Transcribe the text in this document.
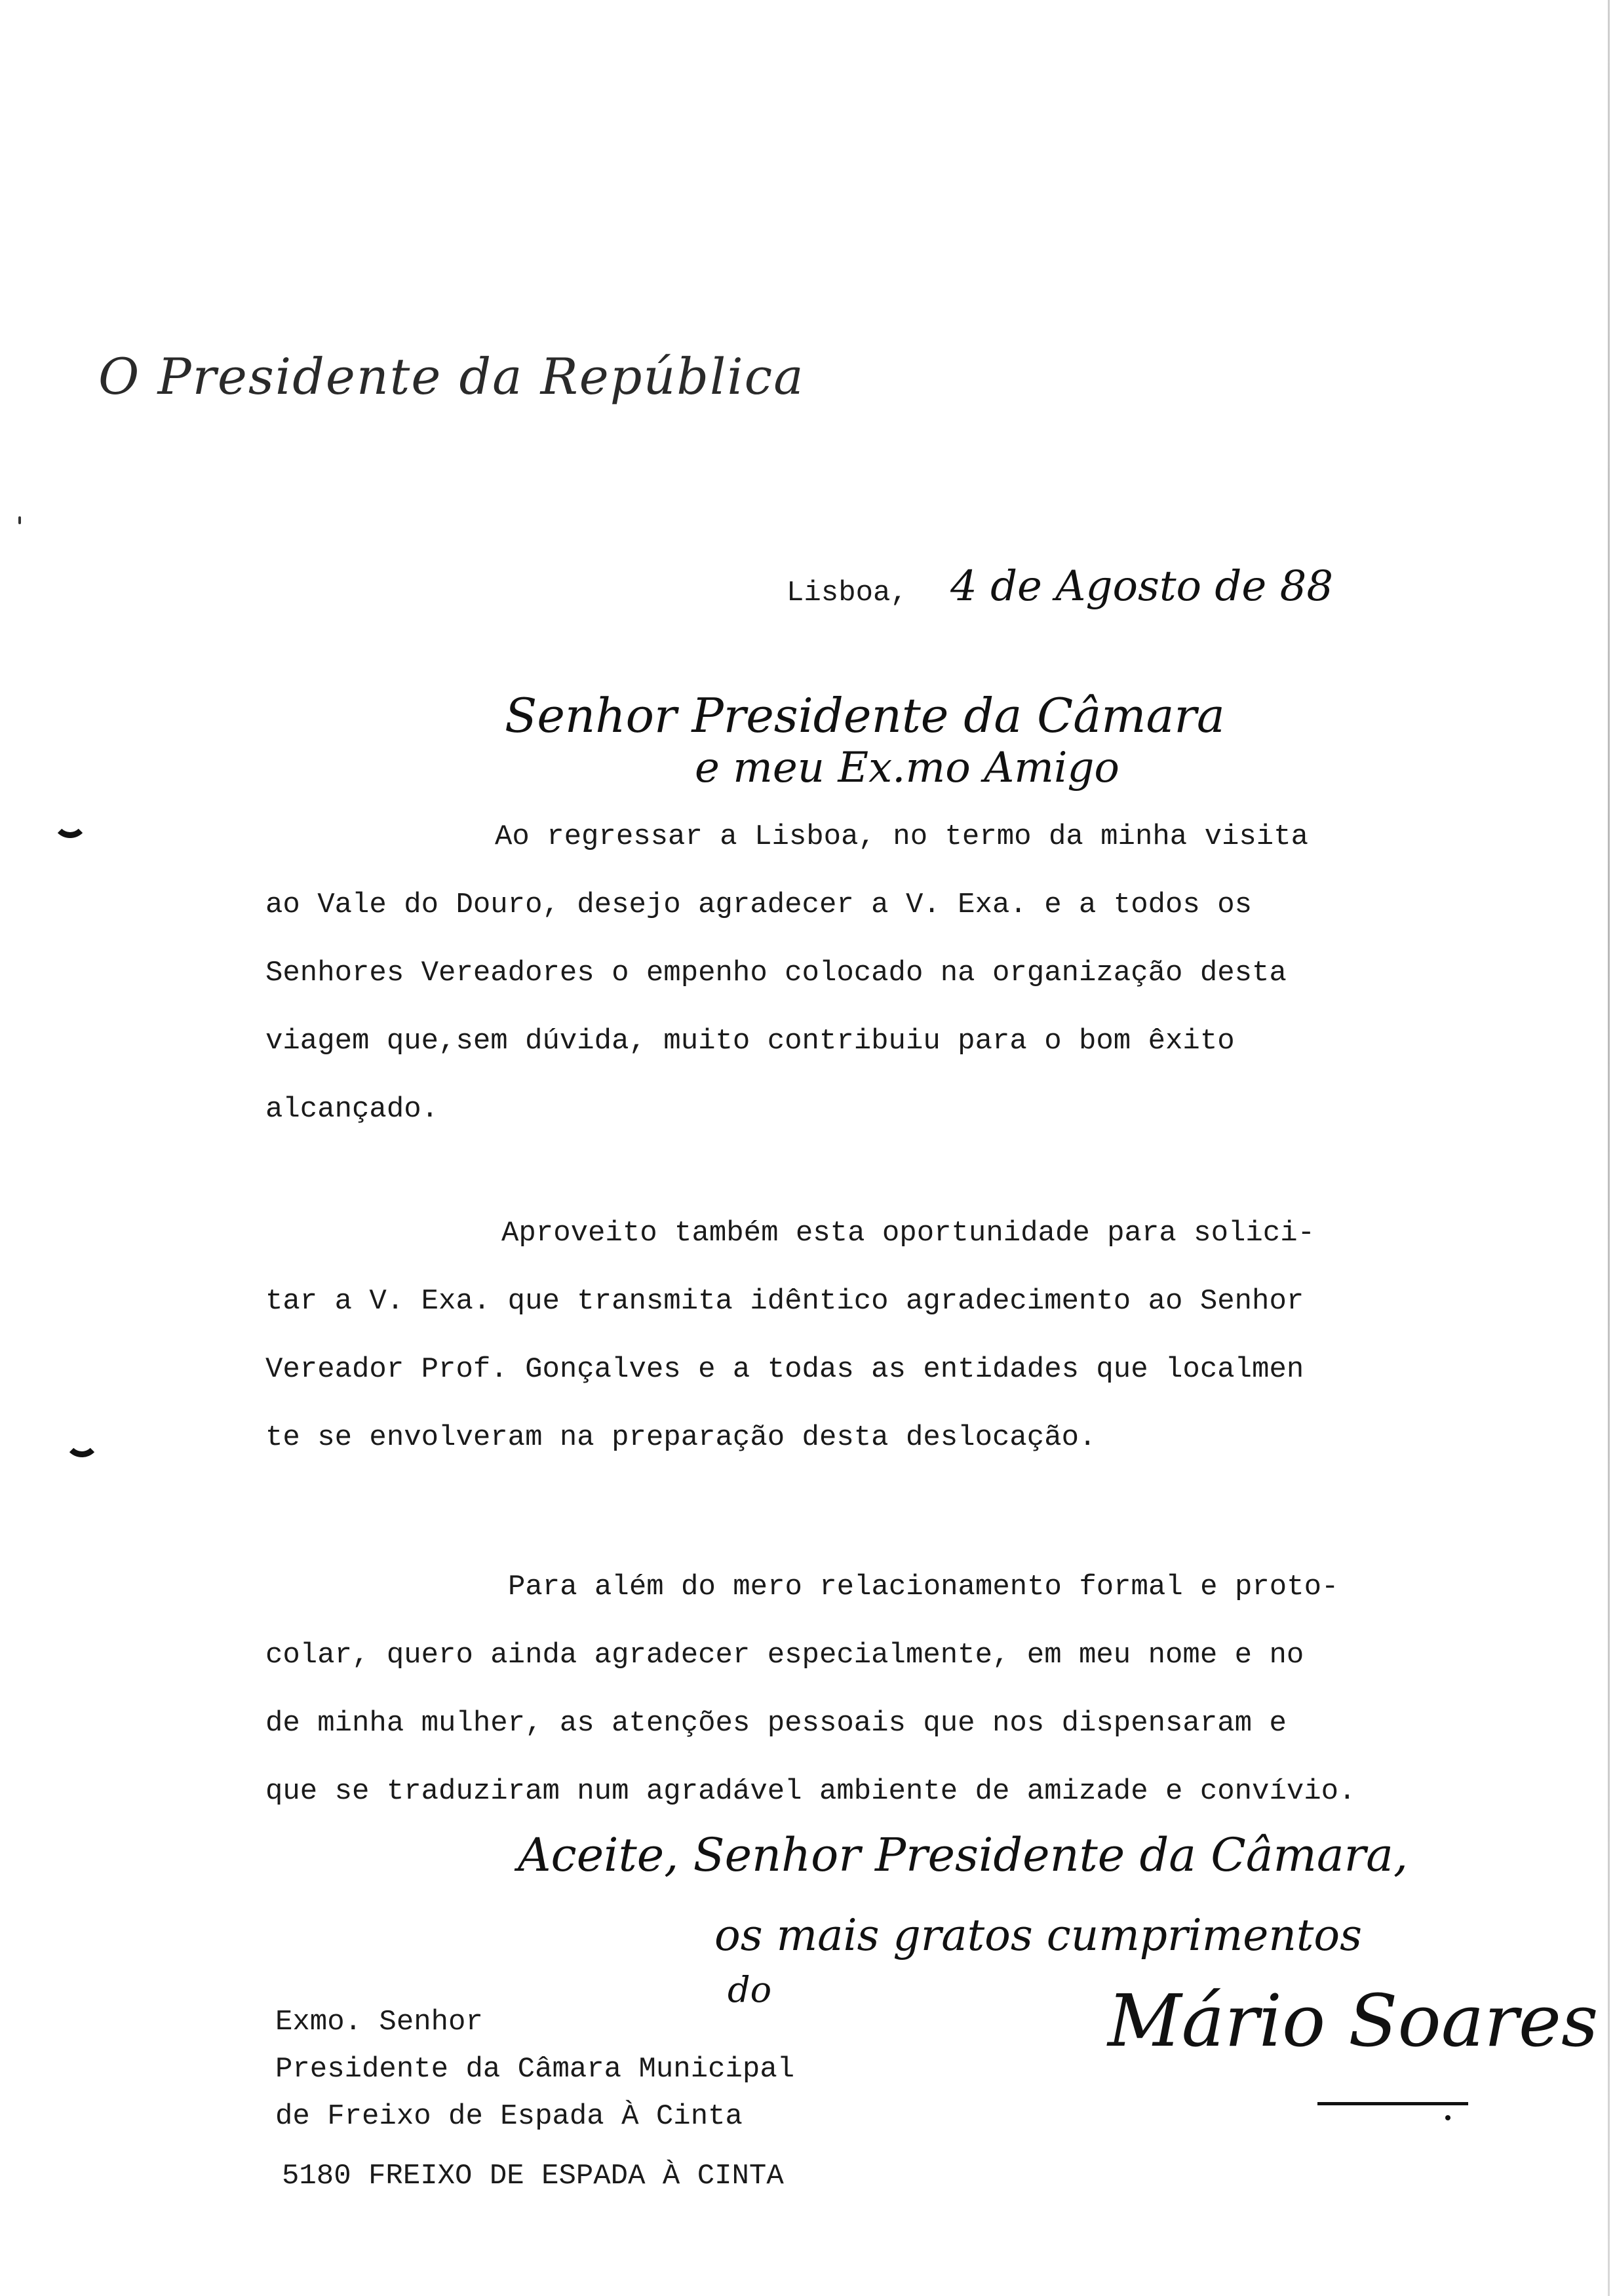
O Presidente da República
Lisboa, 4 de Agosto de 88
Senhor Presidente da Câmara
e meu Ex.mo Amigo
Ao regressar a Lisboa, no termo da minha visita
ao Vale do Douro, desejo agradecer a V. Exa. e a todos os
Senhores Vereadores o empenho colocado na organização desta
viagem que,sem dúvida, muito contribuiu para o bom êxito
alcançado.
Aproveito também esta oportunidade para solici-
tar a V. Exa. que transmita idêntico agradecimento ao Senhor
Vereador Prof. Gonçalves e a todas as entidades que localmen
te se envolveram na preparação desta deslocação.
Para além do mero relacionamento formal e proto-
colar, quero ainda agradecer especialmente, em meu nome e no
de minha mulher, as atenções pessoais que nos dispensaram e
que se traduziram num agradável ambiente de amizade e convívio.
Aceite, Senhor Presidente da Câmara,
os mais gratos cumprimentos
do	Mário Soares
Exmo. Senhor
Presidente da Câmara Municipal
de Freixo de Espada À Cinta
5180 FREIXO DE ESPADA À CINTA
